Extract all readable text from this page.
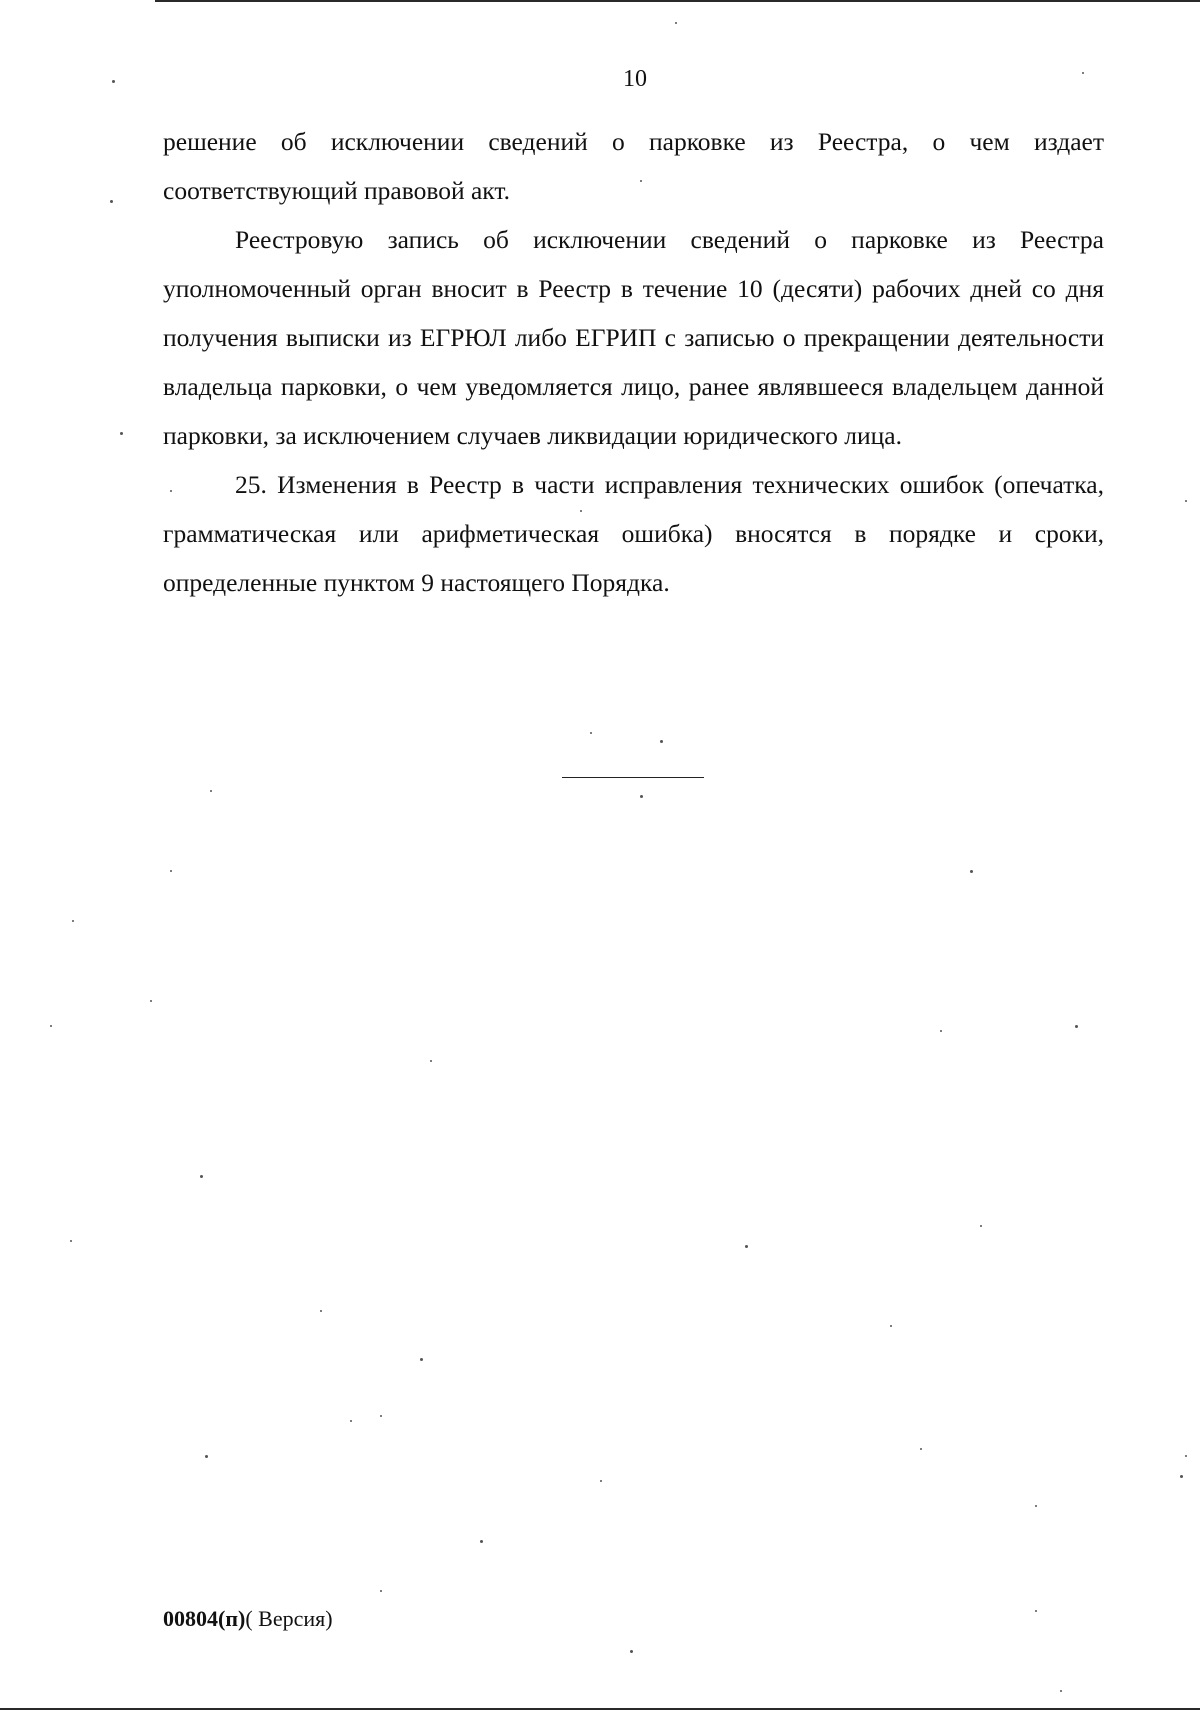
10

решение об исключении сведений о парковке из Реестра, о чем издает соответствующий правовой акт.

Реестровую запись об исключении сведений о парковке из Реестра уполномоченный орган вносит в Реестр в течение 10 (десяти) рабочих дней со дня получения выписки из ЕГРЮЛ либо ЕГРИП с записью о прекращении деятельности владельца парковки, о чем уведомляется лицо, ранее являвшееся владельцем данной парковки, за исключением случаев ликвидации юридического лица.

25. Изменения в Реестр в части исправления технических ошибок (опечатка, грамматическая или арифметическая ошибка) вносятся в порядке и сроки, определенные пунктом 9 настоящего Порядка.

00804(п)( Версия)
